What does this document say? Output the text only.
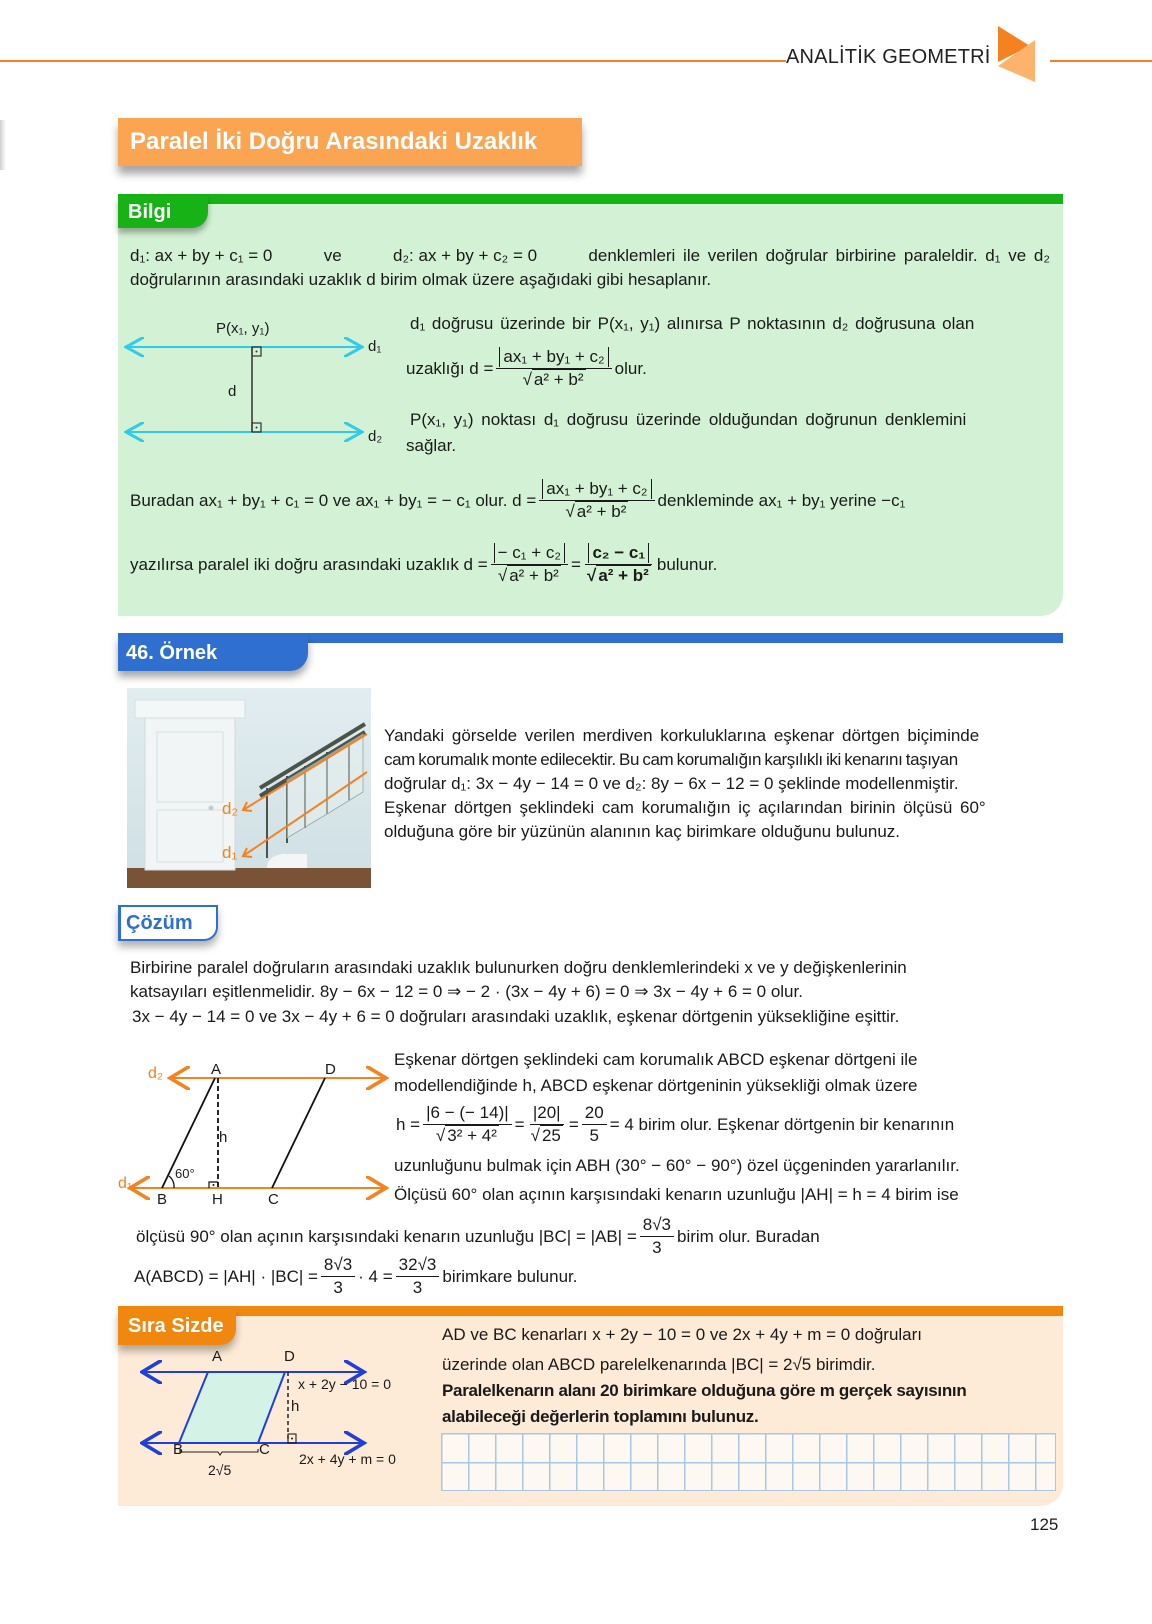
ANALİTİK GEOMETRİ
Paralel İki Doğru Arasındaki Uzaklık
Bilgi
d₁: ax + by + c₁ = 0	ve	d₂: ax + by + c₂ = 0	denklemleri ile verilen doğrular birbirine paraleldir. d₁ ve d₂
doğrularının arasındaki uzaklık d birim olmak üzere aşağıdaki gibi hesaplanır.
P(x₁, y₁)
d₁
d₂
d
d₁ doğrusu üzerinde bir P(x₁, y₁) alınırsa P noktasının d₂ doğrusuna olan
uzaklığı $d = \frac{\text{ax₁ + by₁ + c₂}}{\text{√ a² + b²}}$ olur.
P(x₁, y₁) noktası d₁ doğrusu üzerinde olduğundan doğrunun denklemini
sağlar.
Buradan ax₁ + by₁ + c₁ = 0 ve ax₁ + by₁ = − c₁ olur. $d = \frac{\text{ax₁ + by₁ + c₂}}{\text{√ a² + b²}}$ denkleminde ax₁ + by₁ yerine −c₁
yazılırsa paralel iki doğru arasındaki uzaklık $d = \frac{\text{− c₁ + c₂}}{\text{√ a² + b²}} = \frac{\text{c₂ − c₁}}{\text{√ a² + b²}}$ bulunur.
46. Örnek
d₂
d₁
Yandaki görselde verilen merdiven korkuluklarına eşkenar dörtgen biçiminde
cam korumalık monte edilecektir. Bu cam korumalığın karşılıklı iki kenarını taşıyan
doğrular d₁: 3x − 4y − 14 = 0 ve d₂: 8y − 6x − 12 = 0 şeklinde modellenmiştir.
Eşkenar dörtgen şeklindeki cam korumalığın iç açılarından birinin ölçüsü 60°
olduğuna göre bir yüzünün alanının kaç birimkare olduğunu bulunuz.
Çözüm
Birbirine paralel doğruların arasındaki uzaklık bulunurken doğru denklemlerindeki x ve y değişkenlerinin
katsayıları eşitlenmelidir. 8y − 6x − 12 = 0 ⇒ − 2 · (3x − 4y + 6) = 0 ⇒ 3x − 4y + 6 = 0 olur.
3x − 4y − 14 = 0 ve 3x − 4y + 6 = 0 doğruları arasındaki uzaklık, eşkenar dörtgenin yüksekliğine eşittir.
d₂
d₁
A	D
h
60°
B	H	C
Eşkenar dörtgen şeklindeki cam korumalık ABCD eşkenar dörtgeni ile
modellendiğinde h, ABCD eşkenar dörtgeninin yüksekliği olmak üzere
$h = \frac{|6 - (- 14)|}{\text{√ 3² + 4²}} = \frac{|20|}{√ 25} = \frac{20}{5} = 4$ birim olur. Eşkenar dörtgenin bir kenarının
uzunluğunu bulmak için ABH (30° − 60° − 90°) özel üçgeninden yararlanılır.
Ölçüsü 60° olan açının karşısındaki kenarın uzunluğu |AH| = h = 4 birim ise
ölçüsü 90° olan açının karşısındaki kenarın uzunluğu $|BC| = |AB| = \frac{8√3}{3}$ birim olur. Buradan
A(ABCD) = $|AH| \cdot |BC| = \frac{8√3}{3} \cdot 4 = \frac{32√3}{3}$ birimkare bulunur.
Sıra Sizde
A	D
x + 2y − 10 = 0
h
B	C
2x + 4y + m = 0
2√5
AD ve BC kenarları x + 2y − 10 = 0 ve 2x + 4y + m = 0 doğruları
üzerinde olan ABCD parelelkenarında |BC| = 2√5 birimdir.
Paralelkenarın alanı 20 birimkare olduğuna göre m gerçek sayısının
alabileceği değerlerin toplamını bulunuz.
125
